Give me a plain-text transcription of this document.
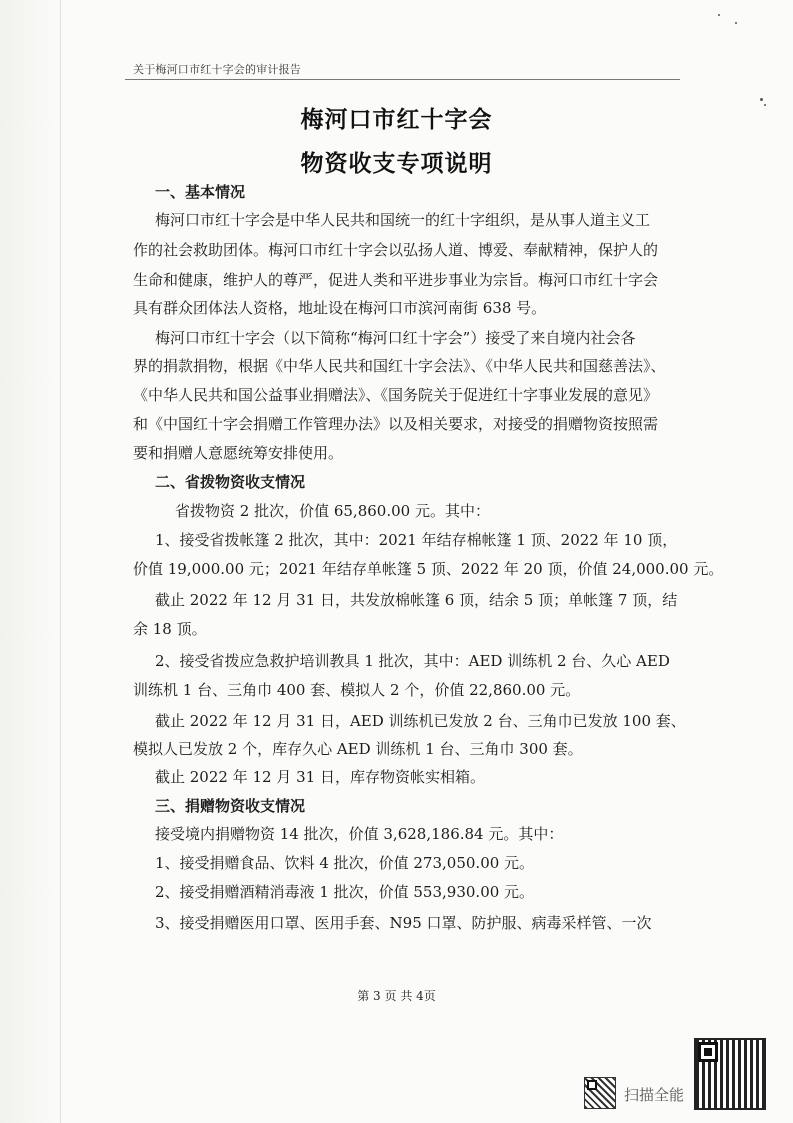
关于梅河口市红十字会的审计报告
梅河口市红十字会
物资收支专项说明
一、基本情况
梅河口市红十字会是中华人民共和国统一的红十字组织，是从事人道主义工
作的社会救助团体。梅河口市红十字会以弘扬人道、博爱、奉献精神，保护人的
生命和健康，维护人的尊严，促进人类和平进步事业为宗旨。梅河口市红十字会
具有群众团体法人资格，地址设在梅河口市滨河南街 638 号。
梅河口市红十字会（以下简称“梅河口红十字会”）接受了来自境内社会各
界的捐款捐物，根据《中华人民共和国红十字会法》、《中华人民共和国慈善法》、
《中华人民共和国公益事业捐赠法》、《国务院关于促进红十字事业发展的意见》
和《中国红十字会捐赠工作管理办法》以及相关要求，对接受的捐赠物资按照需
要和捐赠人意愿统筹安排使用。
二、省拨物资收支情况
省拨物资 2 批次，价值 65,860.00 元。其中：
1、接受省拨帐篷 2 批次，其中：2021 年结存棉帐篷 1 顶、2022 年 10 顶，
价值 19,000.00 元；2021 年结存单帐篷 5 顶、2022 年 20 顶，价值 24,000.00 元。
截止 2022 年 12 月 31 日，共发放棉帐篷 6 顶，结余 5 顶；单帐篷 7 顶，结
余 18 顶。
2、接受省拨应急救护培训教具 1 批次，其中：AED 训练机 2 台、久心 AED
训练机 1 台、三角巾 400 套、模拟人 2 个，价值 22,860.00 元。
截止 2022 年 12 月 31 日，AED 训练机已发放 2 台、三角巾已发放 100 套、
模拟人已发放 2 个，库存久心 AED 训练机 1 台、三角巾 300 套。
截止 2022 年 12 月 31 日，库存物资帐实相箱。
三、捐赠物资收支情况
接受境内捐赠物资 14 批次，价值 3,628,186.84 元。其中：
1、接受捐赠食品、饮料 4 批次，价值 273,050.00 元。
2、接受捐赠酒精消毒液 1 批次，价值 553,930.00 元。
3、接受捐赠医用口罩、医用手套、N95 口罩、防护服、病毒采样管、一次
第 3 页 共 4页
扫描全能
